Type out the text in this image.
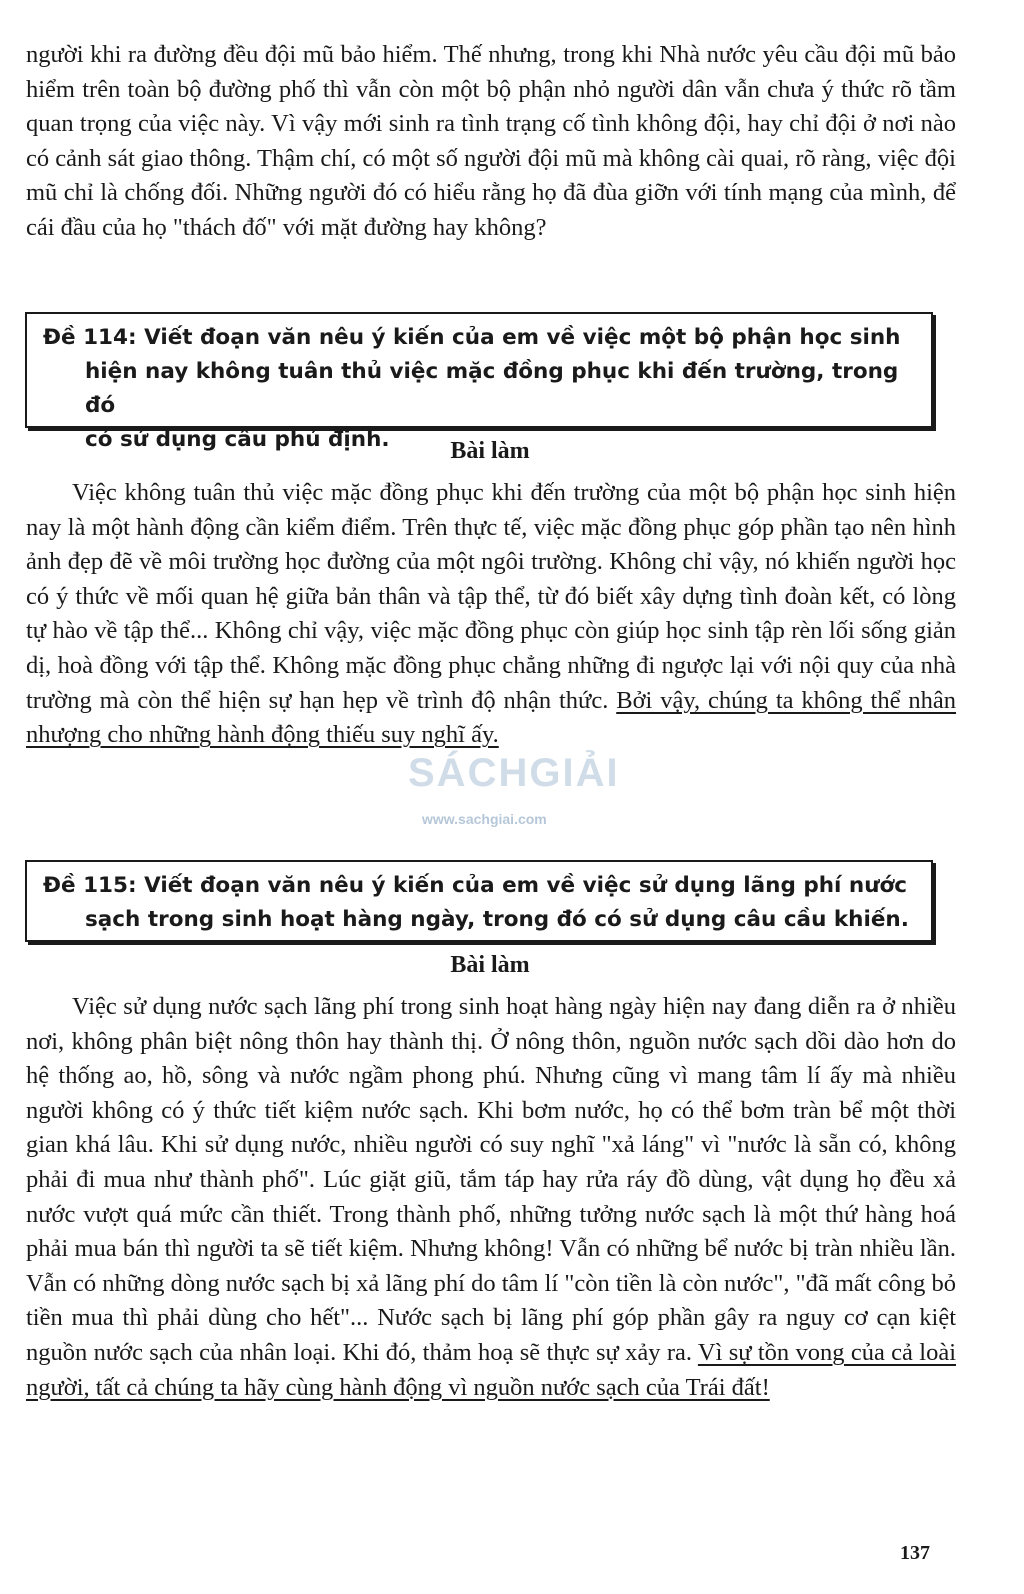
người khi ra đường đều đội mũ bảo hiểm. Thế nhưng, trong khi Nhà nước yêu cầu đội mũ bảo hiểm trên toàn bộ đường phố thì vẫn còn một bộ phận nhỏ người dân vẫn chưa ý thức rõ tầm quan trọng của việc này. Vì vậy mới sinh ra tình trạng cố tình không đội, hay chỉ đội ở nơi nào có cảnh sát giao thông. Thậm chí, có một số người đội mũ mà không cài quai, rõ ràng, việc đội mũ chỉ là chống đối. Những người đó có hiểu rằng họ đã đùa giỡn với tính mạng của mình, để cái đầu của họ "thách đố" với mặt đường hay không?

Đề 114: Viết đoạn văn nêu ý kiến của em về việc một bộ phận học sinh
hiện nay không tuân thủ việc mặc đồng phục khi đến trường, trong đó
có sử dụng câu phủ định.	Bài làm

Việc không tuân thủ việc mặc đồng phục khi đến trường của một bộ phận học sinh hiện nay là một hành động cần kiểm điểm. Trên thực tế, việc mặc đồng phục góp phần tạo nên hình ảnh đẹp đẽ về môi trường học đường của một ngôi trường. Không chỉ vậy, nó khiến người học có ý thức về mối quan hệ giữa bản thân và tập thể, từ đó biết xây dựng tình đoàn kết, có lòng tự hào về tập thể... Không chỉ vậy, việc mặc đồng phục còn giúp học sinh tập rèn lối sống giản dị, hoà đồng với tập thể. Không mặc đồng phục chẳng những đi ngược lại với nội quy của nhà trường mà còn thể hiện sự hạn hẹp về trình độ nhận thức. Bởi vậy, chúng ta không thể nhân nhượng cho những hành động thiếu suy nghĩ ấy.

SÁCHGIẢI
www.sachgiai.com
Đề 115: Viết đoạn văn nêu ý kiến của em về việc sử dụng lãng phí nước
sạch trong sinh hoạt hàng ngày, trong đó có sử dụng câu cầu khiến.
Bài làm

Việc sử dụng nước sạch lãng phí trong sinh hoạt hàng ngày hiện nay đang diễn ra ở nhiều nơi, không phân biệt nông thôn hay thành thị. Ở nông thôn, nguồn nước sạch dồi dào hơn do hệ thống ao, hồ, sông và nước ngầm phong phú. Nhưng cũng vì mang tâm lí ấy mà nhiều người không có ý thức tiết kiệm nước sạch. Khi bơm nước, họ có thể bơm tràn bể một thời gian khá lâu. Khi sử dụng nước, nhiều người có suy nghĩ "xả láng" vì "nước là sẵn có, không phải đi mua như thành phố". Lúc giặt giũ, tắm táp hay rửa ráy đồ dùng, vật dụng họ đều xả nước vượt quá mức cần thiết. Trong thành phố, những tưởng nước sạch là một thứ hàng hoá phải mua bán thì người ta sẽ tiết kiệm. Nhưng không! Vẫn có những bể nước bị tràn nhiều lần. Vẫn có những dòng nước sạch bị xả lãng phí do tâm lí "còn tiền là còn nước", "đã mất công bỏ tiền mua thì phải dùng cho hết"... Nước sạch bị lãng phí góp phần gây ra nguy cơ cạn kiệt nguồn nước sạch của nhân loại. Khi đó, thảm hoạ sẽ thực sự xảy ra. Vì sự tồn vong của cả loài người, tất cả chúng ta hãy cùng hành động vì nguồn nước sạch của Trái đất!

137
